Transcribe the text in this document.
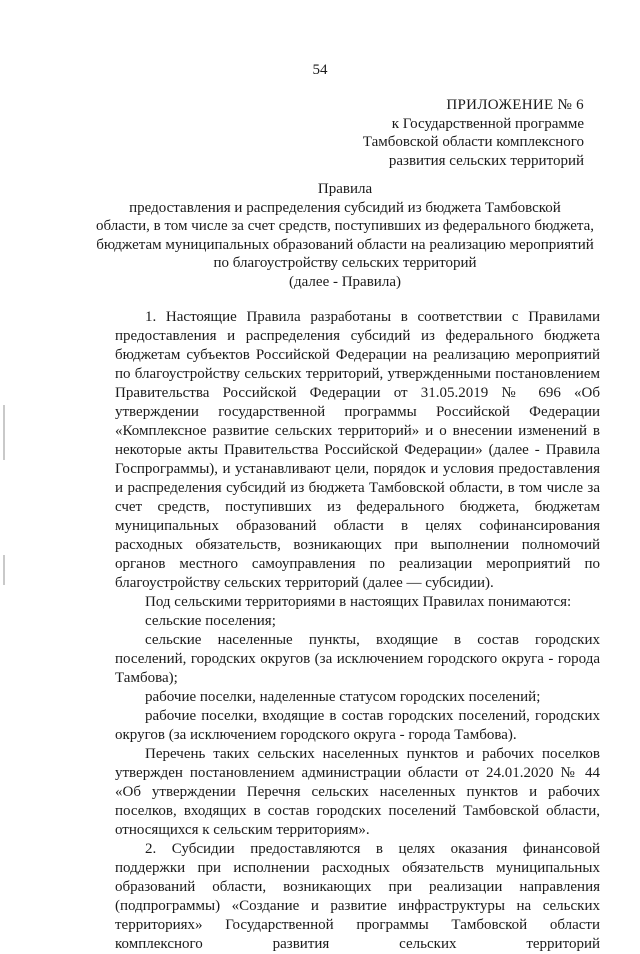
54
ПРИЛОЖЕНИЕ № 6
к Государственной программе
Тамбовской области комплексного
развития сельских территорий
Правила
предоставления и распределения субсидий из бюджета Тамбовской
области, в том числе за счет средств, поступивших из федерального бюджета,
бюджетам муниципальных образований области на реализацию мероприятий
по благоустройству сельских территорий
(далее - Правила)

1. Настоящие Правила разработаны в соответствии с Правилами предоставления и распределения субсидий из федерального бюджета бюджетам субъектов Российской Федерации на реализацию мероприятий по благоустройству сельских территорий, утвержденными постановлением Правительства Российской Федерации от 31.05.2019 № 696 «Об утверждении государственной программы Российской Федерации «Комплексное развитие сельских территорий» и о внесении изменений в некоторые акты Правительства Российской Федерации» (далее - Правила Госпрограммы), и устанавливают цели, порядок и условия предоставления и распределения субсидий из бюджета Тамбовской области, в том числе за счет средств, поступивших из федерального бюджета, бюджетам муниципальных образований области в целях софинансирования расходных обязательств, возникающих при выполнении полномочий органов местного самоуправления по реализации мероприятий по благоустройству сельских территорий (далее — субсидии).

Под сельскими территориями в настоящих Правилах понимаются:

сельские поселения;

сельские населенные пункты, входящие в состав городских поселений, городских округов (за исключением городского округа - города Тамбова);

рабочие поселки, наделенные статусом городских поселений;

рабочие поселки, входящие в состав городских поселений, городских округов (за исключением городского округа - города Тамбова).

Перечень таких сельских населенных пунктов и рабочих поселков утвержден постановлением администрации области от 24.01.2020 № 44 «Об утверждении Перечня сельских населенных пунктов и рабочих поселков, входящих в состав городских поселений Тамбовской области, относящихся к сельским территориям».

2. Субсидии предоставляются в целях оказания финансовой поддержки при исполнении расходных обязательств муниципальных образований области, возникающих при реализации направления (подпрограммы) «Создание и развитие инфраструктуры на сельских территориях» Государственной программы Тамбовской области комплексного развития сельских территорий
